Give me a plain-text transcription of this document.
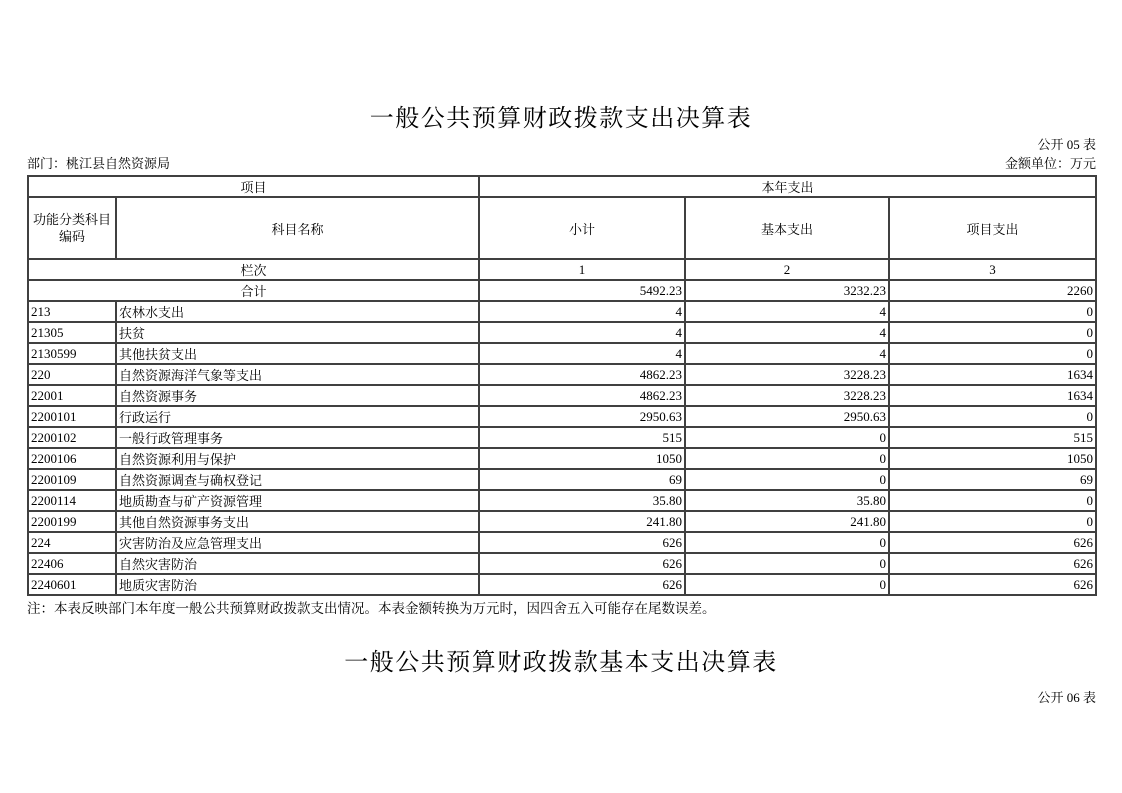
一般公共预算财政拨款支出决算表
公开 05 表
部门：桃江县自然资源局	金额单位：万元
项目		本年支出		
功能分类科目编码	科目名称	小计	基本支出	项目支出
栏次		1	2	3
合计		5492.23	3232.23	2260
213	农林水支出	4	4	0
21305	扶贫	4	4	0
2130599	其他扶贫支出	4	4	0
220	自然资源海洋气象等支出	4862.23	3228.23	1634
22001	自然资源事务	4862.23	3228.23	1634
2200101	行政运行	2950.63	2950.63	0
2200102	一般行政管理事务	515	0	515
2200106	自然资源利用与保护	1050	0	1050
2200109	自然资源调查与确权登记	69	0	69
2200114	地质勘查与矿产资源管理	35.80	35.80	0
2200199	其他自然资源事务支出	241.80	241.80	0
224	灾害防治及应急管理支出	626	0	626
22406	自然灾害防治	626	0	626
2240601	地质灾害防治	626	0	626
注：本表反映部门本年度一般公共预算财政拨款支出情况。本表金额转换为万元时，因四舍五入可能存在尾数误差。
一般公共预算财政拨款基本支出决算表
公开 06 表
